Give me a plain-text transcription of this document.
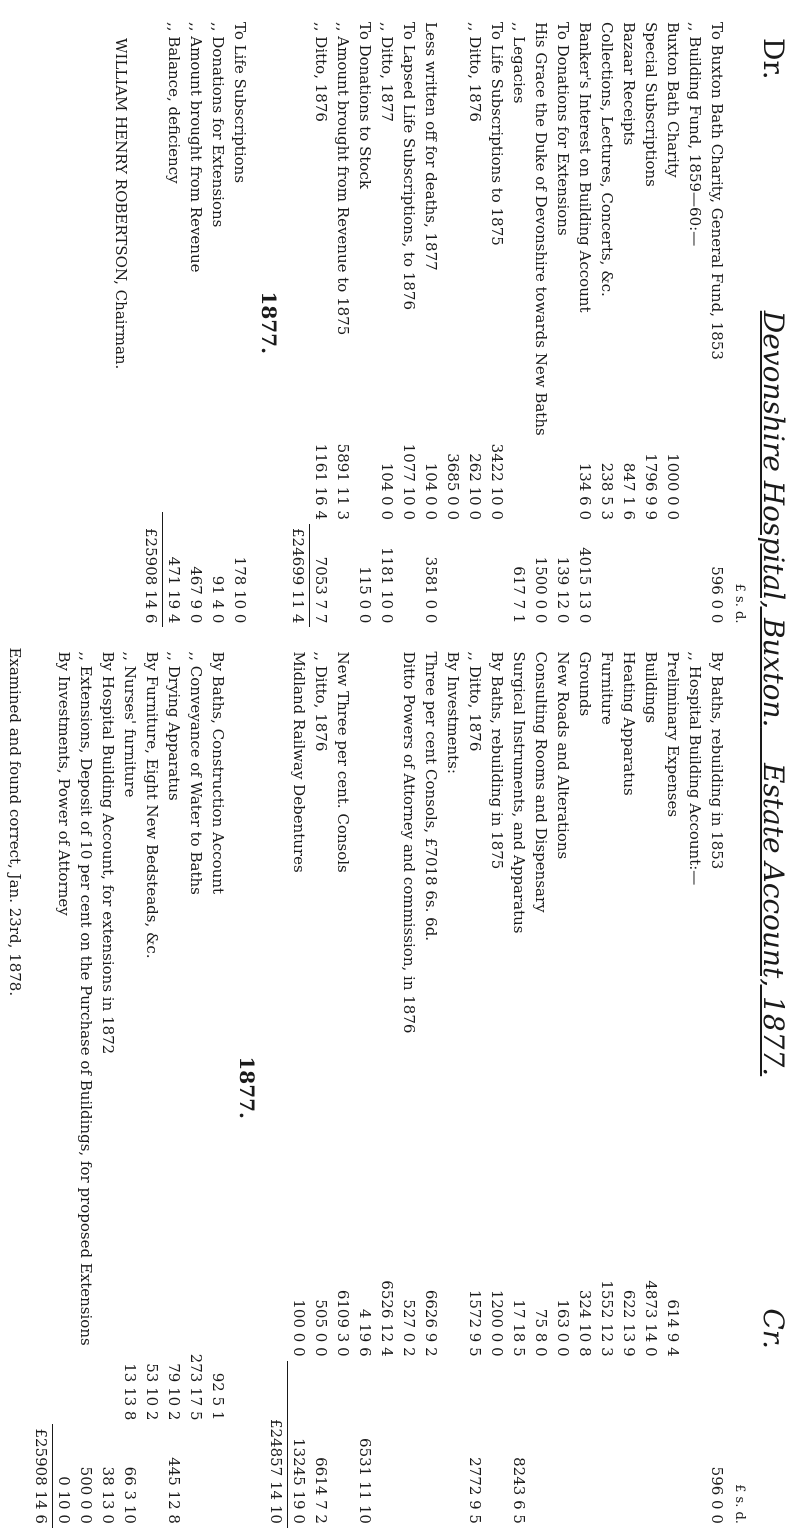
Dr.
Devonshire Hospital, Buxton.    Estate Account, 1877.
Cr.
		£ s. d.
To Buxton Bath Charity, General Fund, 1853		596 0 0
,, Building Fund, 1859—60:—		
Buxton Bath Charity	1000 0 0	
Special Subscriptions	1796 9 9	
Bazaar Receipts	847 1 6	
Collections, Lectures, Concerts, &c.	238 5 3	
Banker's Interest on Building Account	134 6 0	4015 13 0
To Donations for Extensions		139 12 0
His Grace the Duke of Devonshire towards New Baths		1500 0 0
,, Legacies		617 7 1
To Life Subscriptions to 1875	3422 10 0	
,, Ditto, 1876	262 10 0	
	3685 0 0	
Less written off for deaths, 1877	104 0 0	3581 0 0
To Lapsed Life Subscriptions, to 1876	1077 10 0	
,, Ditto, 1877	104 0 0	1181 10 0
To Donations to Stock		115 0 0
,, Amount brought from Revenue to 1875	5891 11 3	
,, Ditto, 1876	1161 16 4	7053 7 7
		£24699 11 4
1877.
To Life Subscriptions		178 10 0
,, Donations for Extensions		91 4 0
,, Amount brought from Revenue		467 9 0
,, Balance, deficiency		471 19 4
		£25908 14 6
WILLIAM HENRY ROBERTSON, Chairman.
		£ s. d.
By Baths, rebuilding in 1853		596 0 0
,, Hospital Building Account:—		
Preliminary Expenses	614 9 4	
Buildings	4873 14 0	
Heating Apparatus	622 13 9	
Furniture	1552 12 3	
Grounds	324 10 8	
New Roads and Alterations	163 0 0	
Consulting Rooms and Dispensary	75 8 0	
Surgical Instruments, and Apparatus	17 18 5	8243 6 5
By Baths, rebuilding in 1875	1200 0 0	
,, Ditto, 1876	1572 9 5	2772 9 5
By Investments:		
Three per cent Consols, £7018 6s. 6d.	6626 9 2	
Ditto Powers of Attorney and commission, in 1876	527 0 2	
	6526 12 4	
	4 19 6	6531 11 10
New Three per cent. Consols	6109 3 0	
,, Ditto, 1876	505 0 0	6614 7 2
Midland Railway Debentures	100 0 0	13245 19 0
		£24857 14 10
1877.
By Baths, Construction Account	92 5 1	
,, Conveyance of Water to Baths	273 17 5	
,, Drying Apparatus	79 10 2	445 12 8
By Furniture, Eight New Bedsteads, &c.	53 10 2	
,, Nurses' furniture	13 13 8	66 3 10
By Hospital Building Account, for extensions in 1872		38 13 0
,, Extensions, Deposit of 10 per cent on the Purchase of Buildings, for proposed Extensions		500 0 0
By Investments, Power of Attorney		0 10 0
		£25908 14 6
Examined and found correct, Jan. 23rd, 1878.
